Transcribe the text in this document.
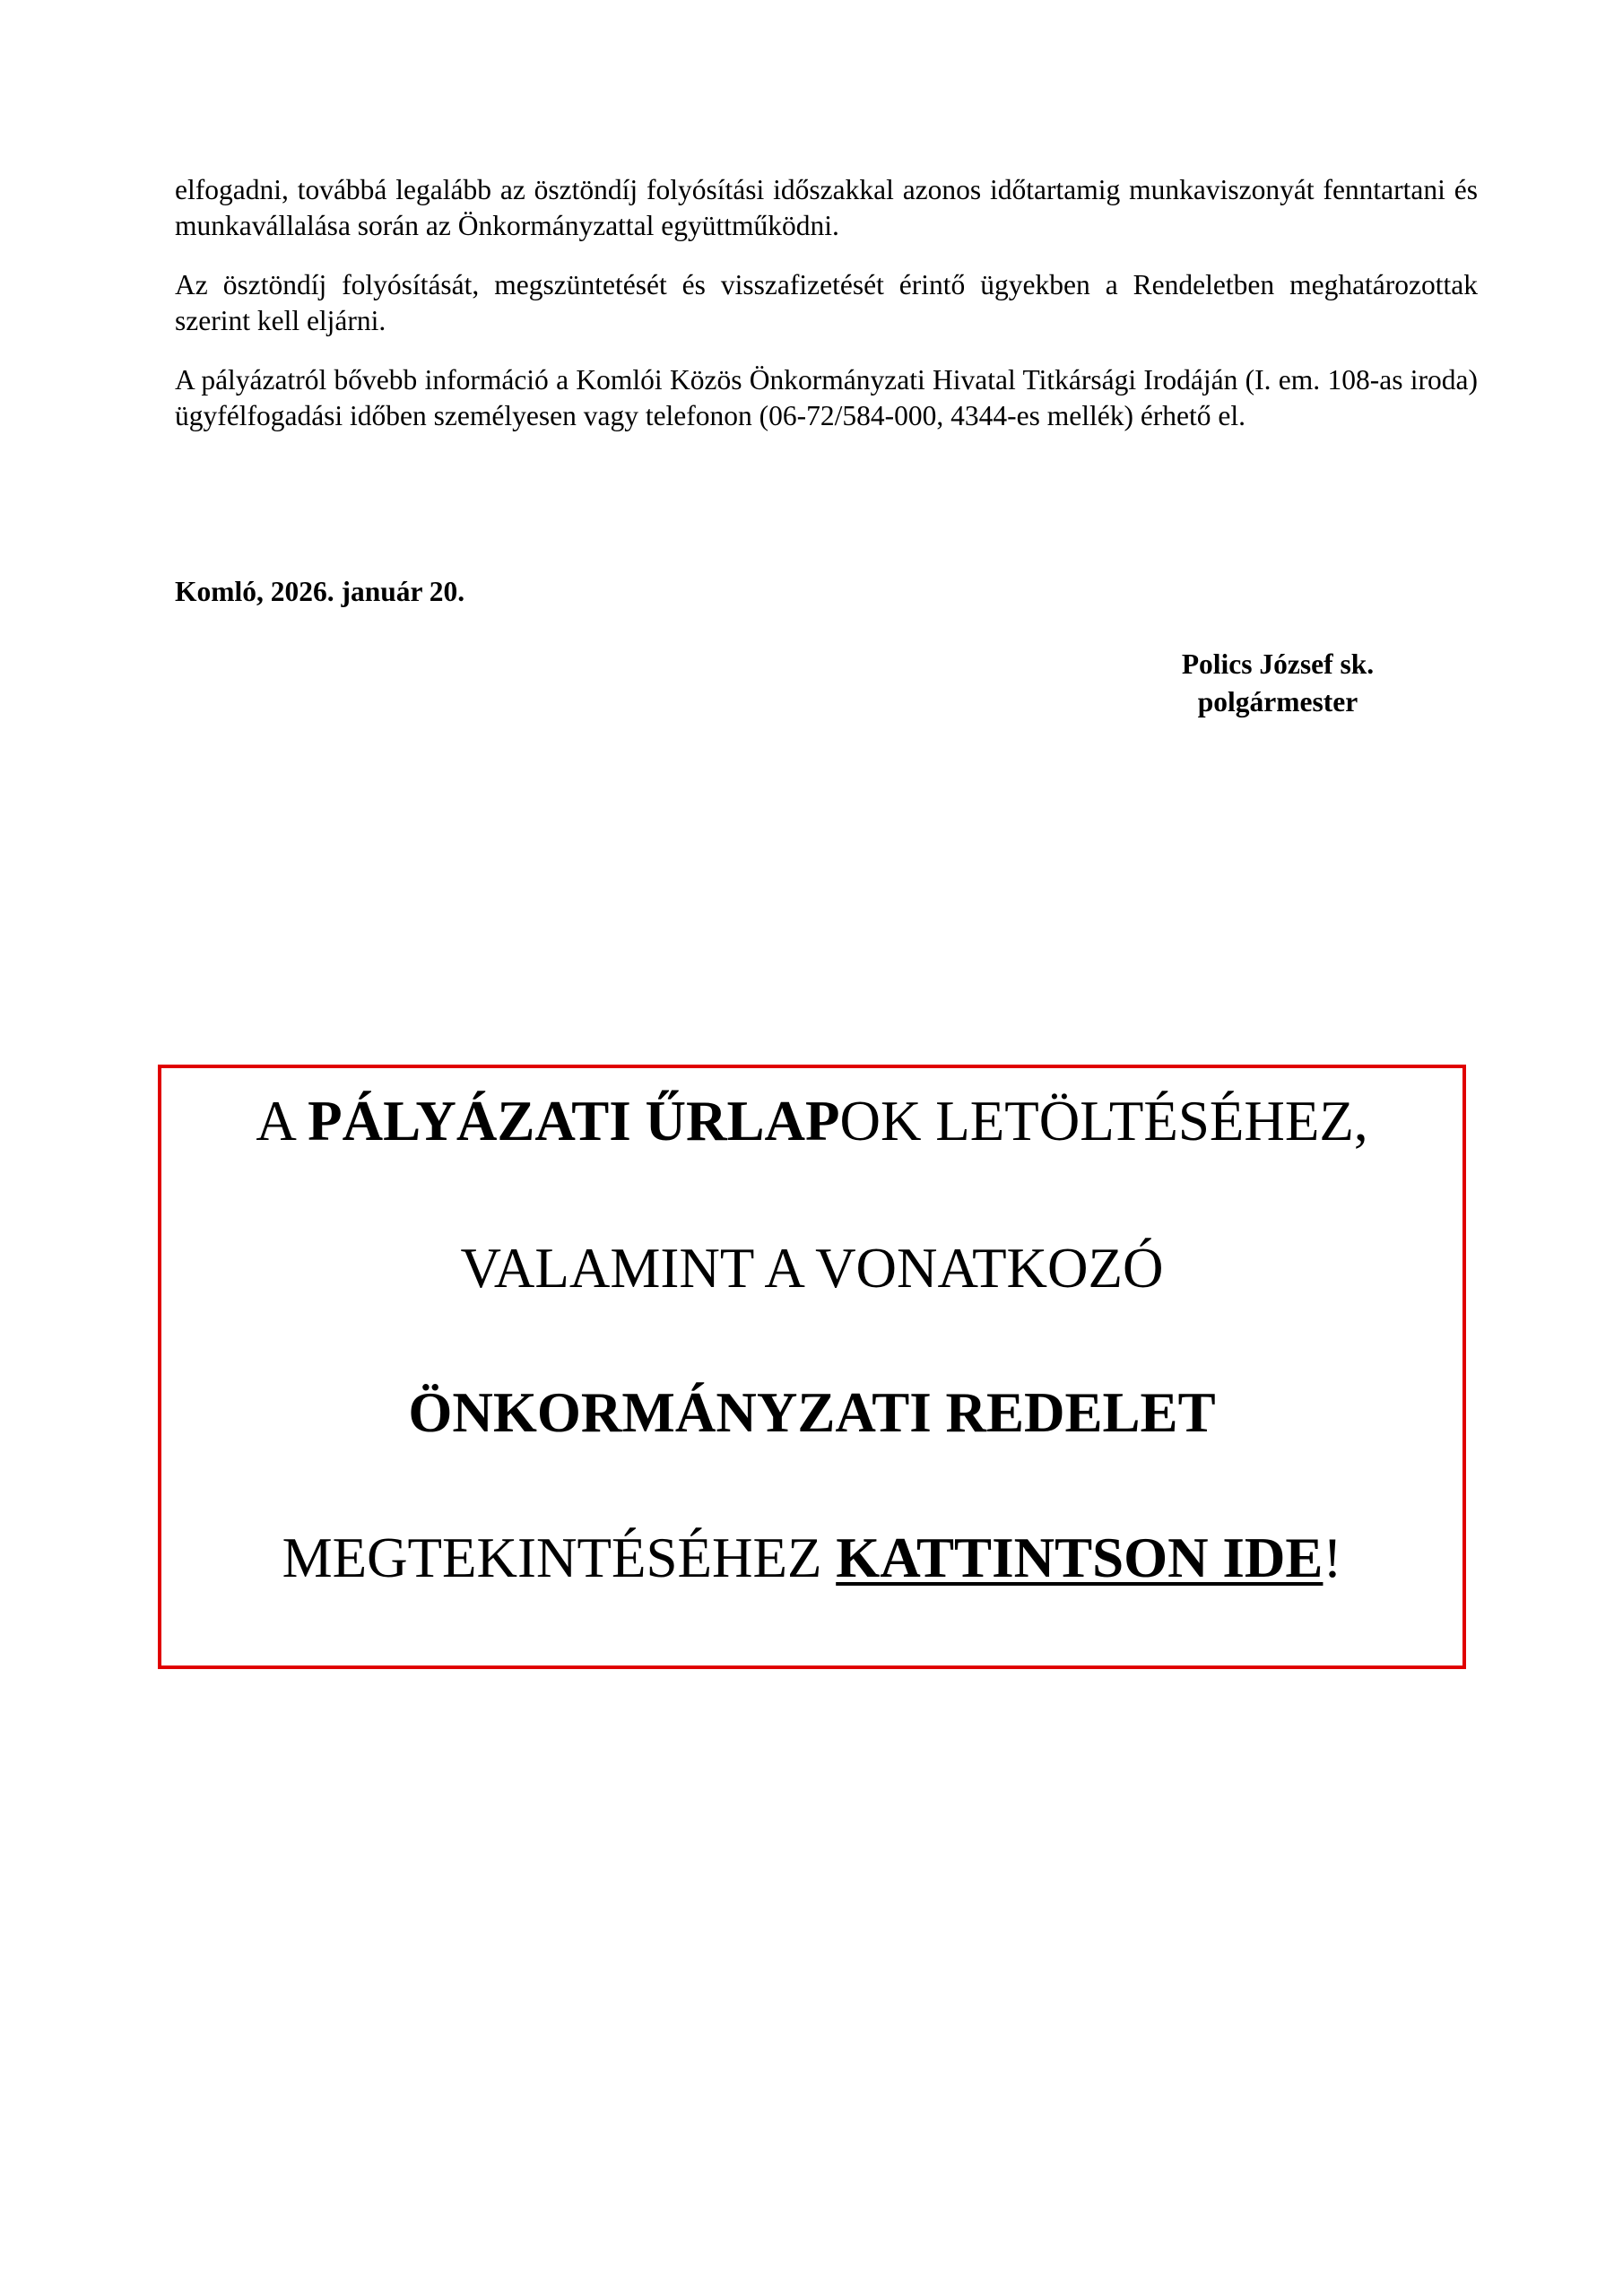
elfogadni, továbbá legalább az ösztöndíj folyósítási időszakkal azonos időtartamig munkaviszonyát fenntartani és munkavállalása során az Önkormányzattal együttműködni.

Az ösztöndíj folyósítását, megszüntetését és visszafizetését érintő ügyekben a Rendeletben meghatározottak szerint kell eljárni.

A pályázatról bővebb információ a Komlói Közös Önkormányzati Hivatal Titkársági Irodáján (I. em. 108-as iroda) ügyfélfogadási időben személyesen vagy telefonon (06-72/584-000, 4344-es mellék) érhető el.

Komló, 2026. január 20.

Polics József sk.
polgármester
A PÁLYÁZATI ŰRLAPOK LETÖLTÉSÉHEZ,
VALAMINT A VONATKOZÓ
ÖNKORMÁNYZATI REDELET
MEGTEKINTÉSÉHEZ KATTINTSON IDE!
